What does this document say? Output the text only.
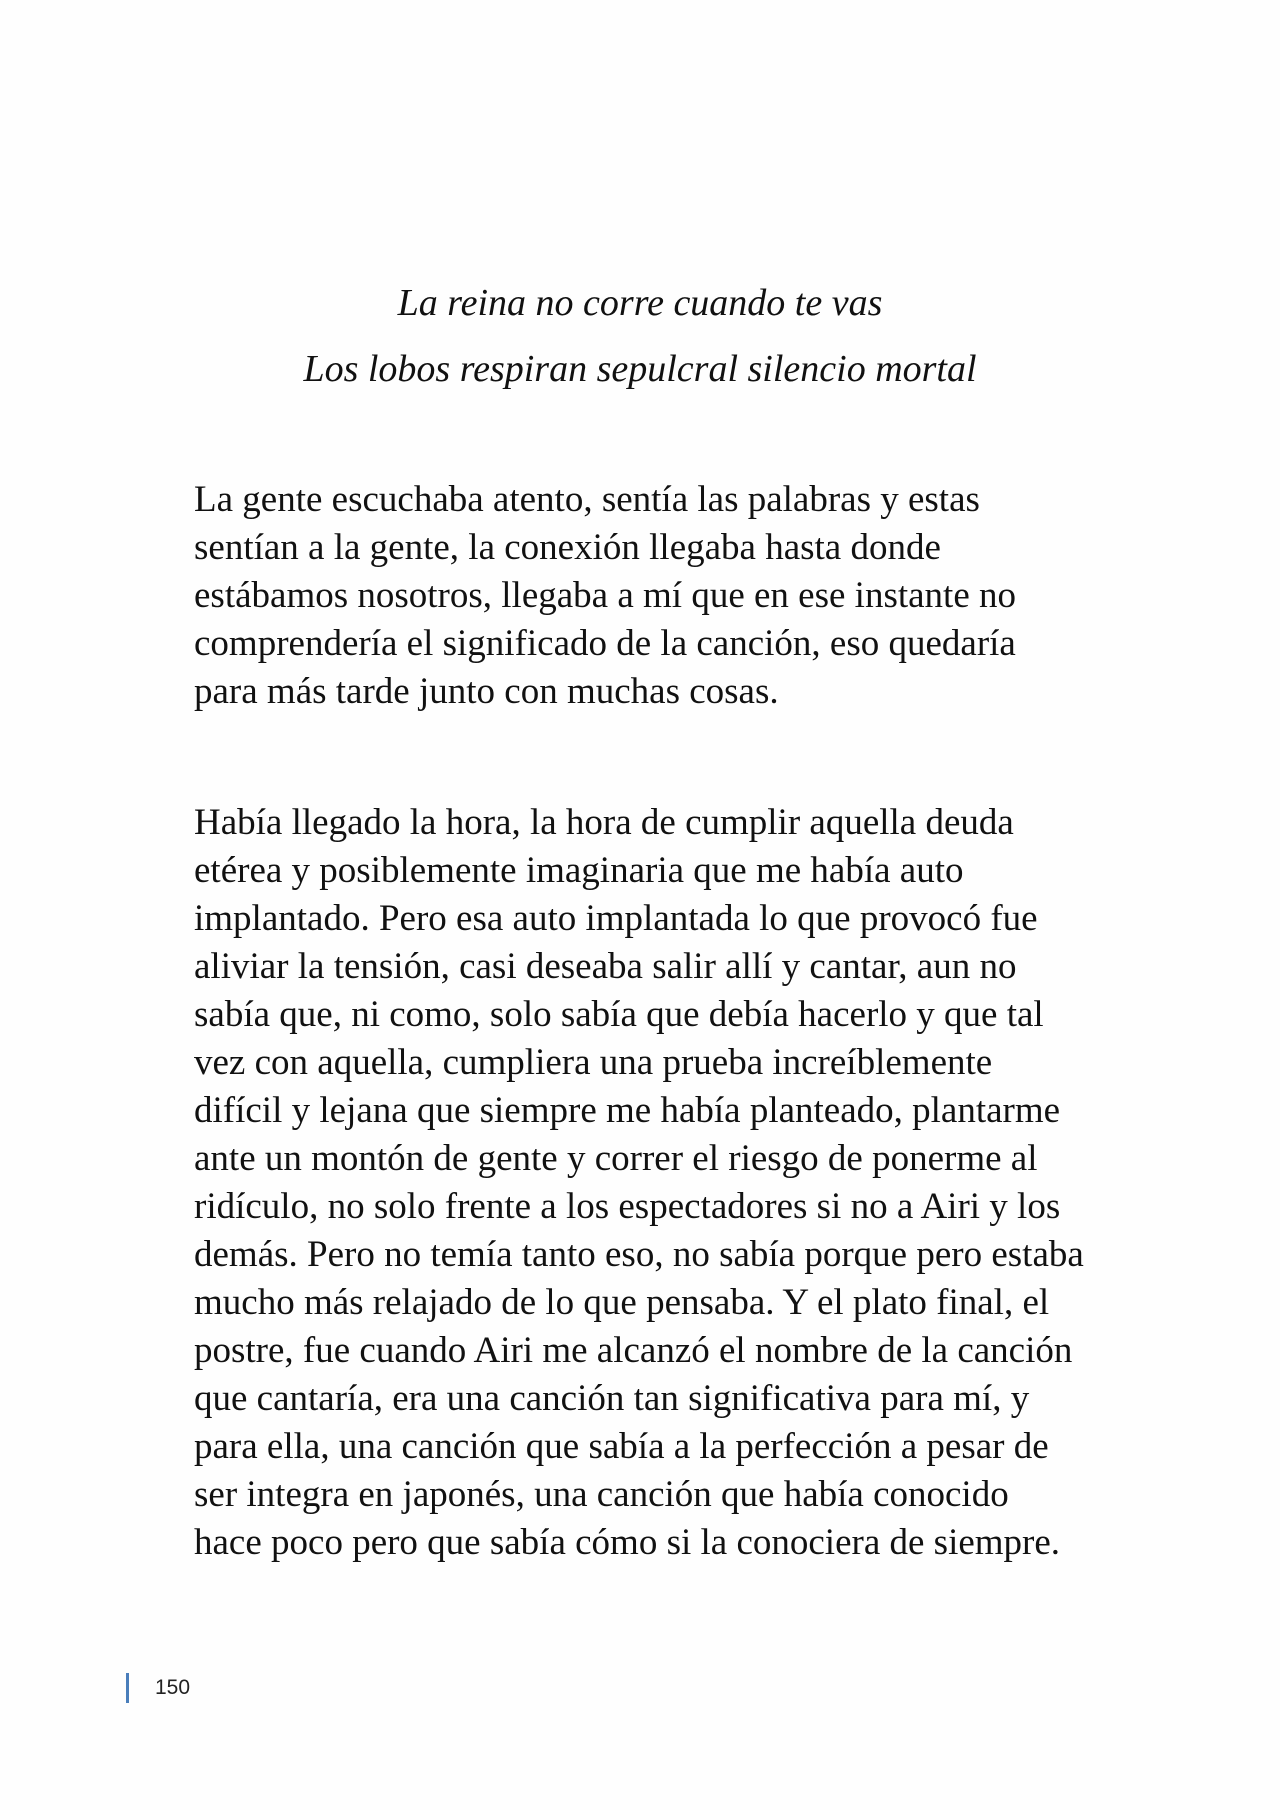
La reina no corre cuando te vas
Los lobos respiran sepulcral silencio mortal
La gente escuchaba atento, sentía las palabras y estas
sentían a la gente, la conexión llegaba hasta donde
estábamos nosotros, llegaba a mí que en ese instante no
comprendería el significado de la canción, eso quedaría
para más tarde junto con muchas cosas.
Había llegado la hora, la hora de cumplir aquella deuda
etérea y posiblemente imaginaria que me había auto
implantado. Pero esa auto implantada lo que provocó fue
aliviar la tensión, casi deseaba salir allí y cantar, aun no
sabía que, ni como, solo sabía que debía hacerlo y que tal
vez con aquella, cumpliera una prueba increíblemente
difícil y lejana que siempre me había planteado, plantarme
ante un montón de gente y correr el riesgo de ponerme al
ridículo, no solo frente a los espectadores si no a Airi y los
demás. Pero no temía tanto eso, no sabía porque pero estaba
mucho más relajado de lo que pensaba. Y el plato final, el
postre, fue cuando Airi me alcanzó el nombre de la canción
que cantaría, era una canción tan significativa para mí, y
para ella, una canción que sabía a la perfección a pesar de
ser integra en japonés, una canción que había conocido
hace poco pero que sabía cómo si la conociera de siempre.
150
